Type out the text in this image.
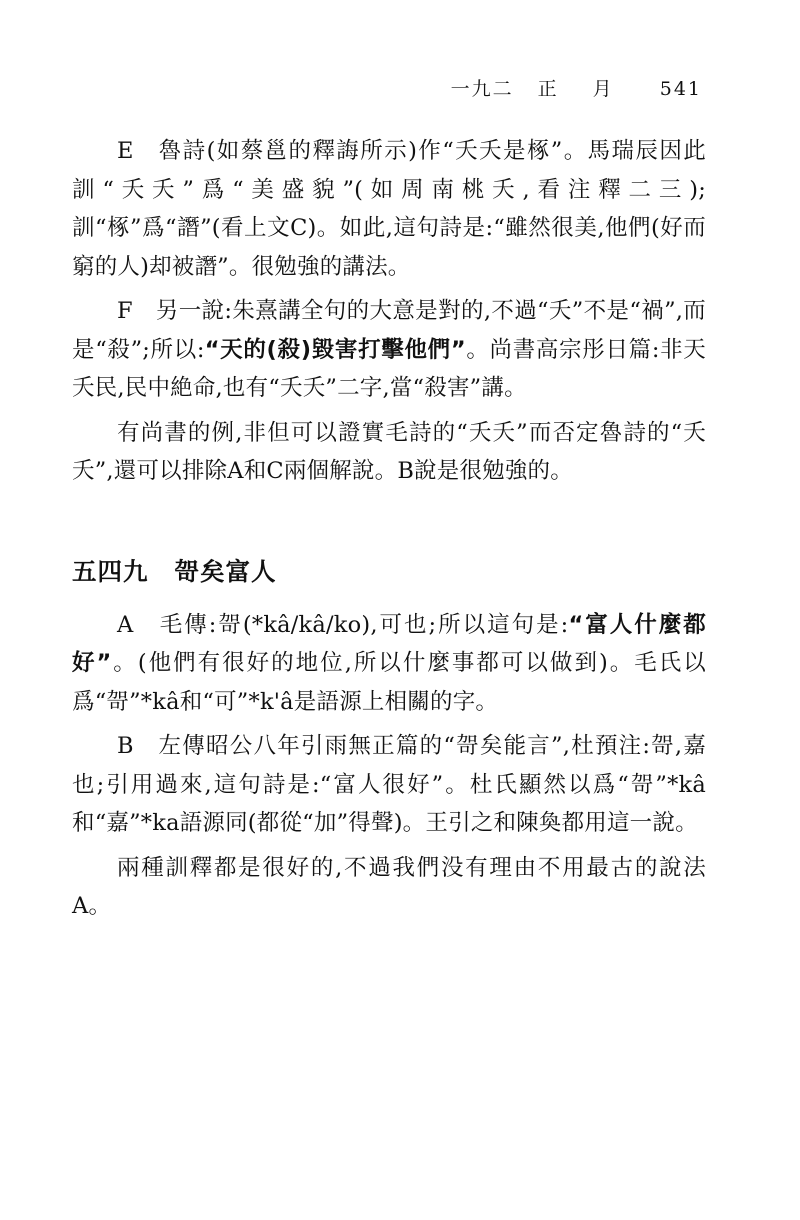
一九二 正 月 541

E　魯詩(如蔡邕的釋誨所示)作“夭夭是椓”。馬瑞辰因此訓“夭夭”爲“美盛貌”(如周南桃夭,看注釋二三);訓“椓”爲“譖”(看上文C)。如此,這句詩是:“雖然很美,他們(好而窮的人)却被譖”。很勉強的講法。

F　另一說:朱熹講全句的大意是對的,不過“夭”不是“禍”,而是“殺”;所以:“天的(殺)毀害打擊他們”。尚書高宗彤日篇:非天夭民,民中絶命,也有“夭夭”二字,當“殺害”講。

有尚書的例,非但可以證實毛詩的“夭夭”而否定魯詩的“夭夭”,還可以排除A和C兩個解說。B說是很勉強的。

五四九 哿矣富人

A　毛傳:哿(*kâ/kâ/ko),可也;所以這句是:“富人什麼都好”。(他們有很好的地位,所以什麼事都可以做到)。毛氏以爲“哿”*kâ和“可”*k'â是語源上相關的字。

B　左傳昭公八年引雨無正篇的“哿矣能言”,杜預注:哿,嘉也;引用過來,這句詩是:“富人很好”。杜氏顯然以爲“哿”*kâ和“嘉”*ka語源同(都從“加”得聲)。王引之和陳奐都用這一說。

兩種訓釋都是很好的,不過我們没有理由不用最古的說法A。
